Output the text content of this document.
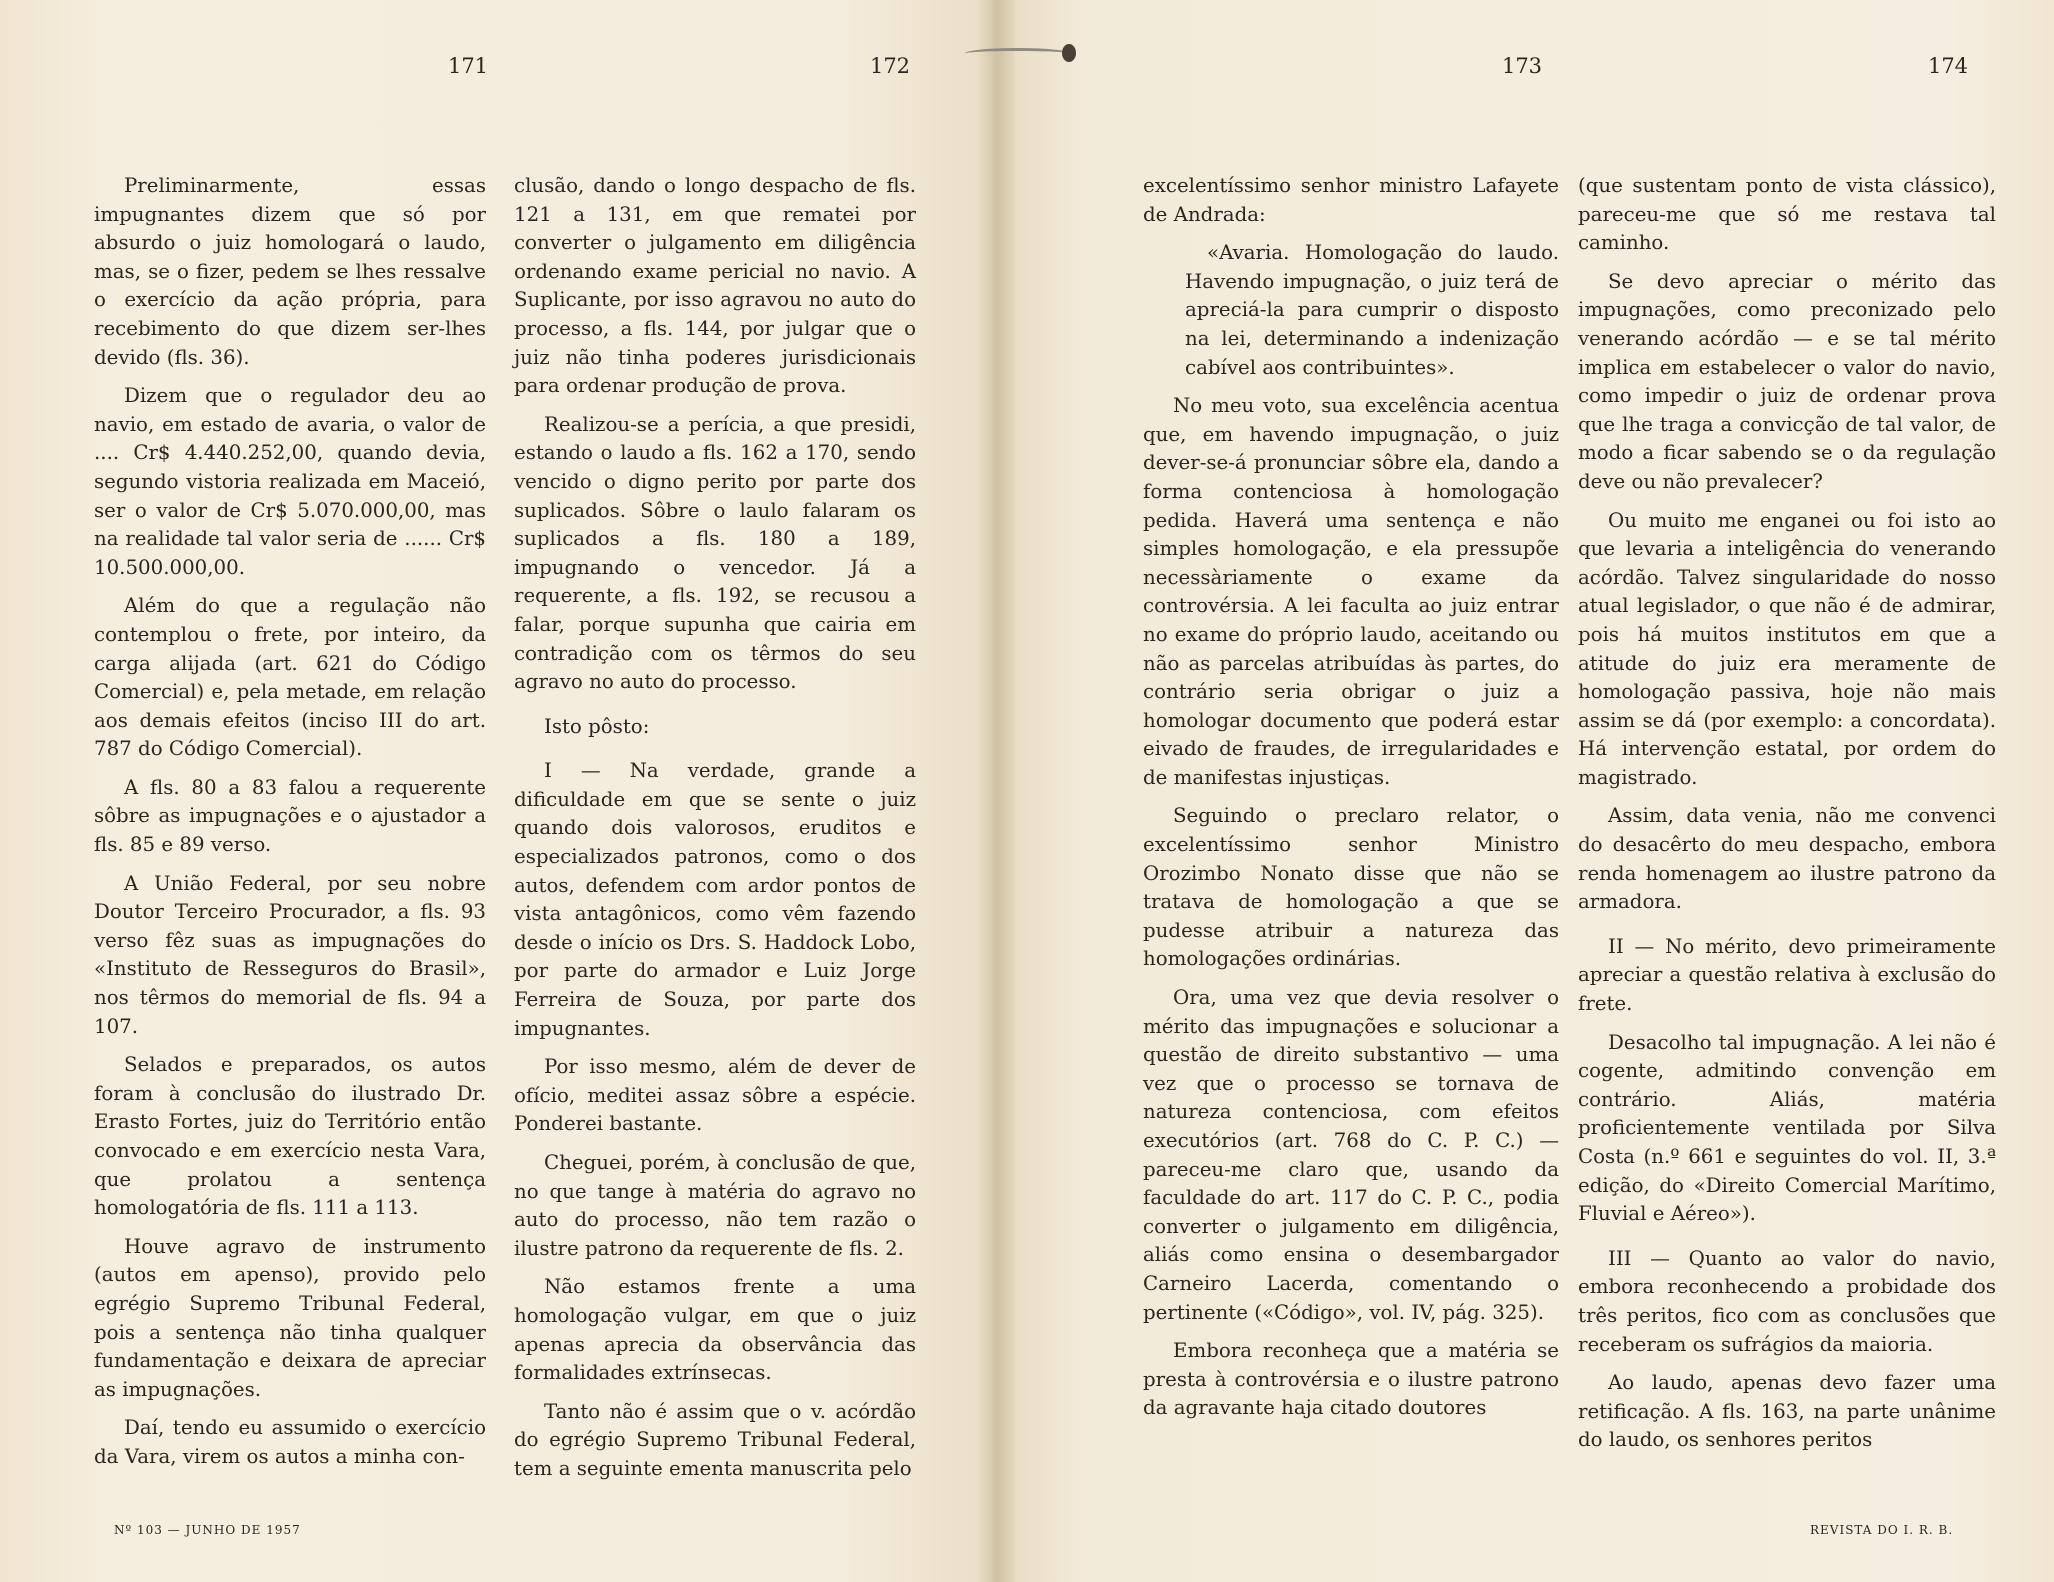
171	172	173	174

Preliminarmente, essas impugnantes dizem que só por absurdo o juiz homologará o laudo, mas, se o fizer, pedem se lhes ressalve o exercício da ação própria, para recebimento do que dizem ser-lhes devido (fls. 36).

Dizem que o regulador deu ao navio, em estado de avaria, o valor de .... Cr$ 4.440.252,00, quando devia, segundo vistoria realizada em Maceió, ser o valor de Cr$ 5.070.000,00, mas na realidade tal valor seria de ...... Cr$ 10.500.000,00.

Além do que a regulação não contemplou o frete, por inteiro, da carga alijada (art. 621 do Código Comercial) e, pela metade, em relação aos demais efeitos (inciso III do art. 787 do Código Comercial).

A fls. 80 a 83 falou a requerente sôbre as impugnações e o ajustador a fls. 85 e 89 verso.

A União Federal, por seu nobre Doutor Terceiro Procurador, a fls. 93 verso fêz suas as impugnações do «Instituto de Resseguros do Brasil», nos têrmos do memorial de fls. 94 a 107.

Selados e preparados, os autos foram à conclusão do ilustrado Dr. Erasto Fortes, juiz do Território então convocado e em exercício nesta Vara, que prolatou a sentença homologatória de fls. 111 a 113.

Houve agravo de instrumento (autos em apenso), provido pelo egrégio Supremo Tribunal Federal, pois a sentença não tinha qualquer fundamentação e deixara de apreciar as impugnações.

Daí, tendo eu assumido o exercício da Vara, virem os autos a minha con-

clusão, dando o longo despacho de fls. 121 a 131, em que rematei por converter o julgamento em diligência ordenando exame pericial no navio. A Suplicante, por isso agravou no auto do processo, a fls. 144, por julgar que o juiz não tinha poderes jurisdicionais para ordenar produção de prova.

Realizou-se a perícia, a que presidi, estando o laudo a fls. 162 a 170, sendo vencido o digno perito por parte dos suplicados. Sôbre o laulo falaram os suplicados a fls. 180 a 189, impugnando o vencedor. Já a requerente, a fls. 192, se recusou a falar, porque supunha que cairia em contradição com os têrmos do seu agravo no auto do processo.

Isto pôsto:

I — Na verdade, grande a dificuldade em que se sente o juiz quando dois valorosos, eruditos e especializados patronos, como o dos autos, defendem com ardor pontos de vista antagônicos, como vêm fazendo desde o início os Drs. S. Haddock Lobo, por parte do armador e Luiz Jorge Ferreira de Souza, por parte dos impugnantes.

Por isso mesmo, além de dever de ofício, meditei assaz sôbre a espécie. Ponderei bastante.

Cheguei, porém, à conclusão de que, no que tange à matéria do agravo no auto do processo, não tem razão o ilustre patrono da requerente de fls. 2.

Não estamos frente a uma homologação vulgar, em que o juiz apenas aprecia da observância das formalidades extrínsecas.

Tanto não é assim que o v. acórdão do egrégio Supremo Tribunal Federal, tem a seguinte ementa manuscrita pelo

excelentíssimo senhor ministro Lafayete de Andrada:

«Avaria. Homologação do laudo. Havendo impugnação, o juiz terá de apreciá-la para cumprir o disposto na lei, determinando a indenização cabível aos contribuintes».

No meu voto, sua excelência acentua que, em havendo impugnação, o juiz dever-se-á pronunciar sôbre ela, dando a forma contenciosa à homologação pedida. Haverá uma sentença e não simples homologação, e ela pressupõe necessàriamente o exame da controvérsia. A lei faculta ao juiz entrar no exame do próprio laudo, aceitando ou não as parcelas atribuídas às partes, do contrário seria obrigar o juiz a homologar documento que poderá estar eivado de fraudes, de irregularidades e de manifestas injustiças.

Seguindo o preclaro relator, o excelentíssimo senhor Ministro Orozimbo Nonato disse que não se tratava de homologação a que se pudesse atribuir a natureza das homologações ordinárias.

Ora, uma vez que devia resolver o mérito das impugnações e solucionar a questão de direito substantivo — uma vez que o processo se tornava de natureza contenciosa, com efeitos executórios (art. 768 do C. P. C.) — pareceu-me claro que, usando da faculdade do art. 117 do C. P. C., podia converter o julgamento em diligência, aliás como ensina o desembargador Carneiro Lacerda, comentando o pertinente («Código», vol. IV, pág. 325).

Embora reconheça que a matéria se presta à controvérsia e o ilustre patrono da agravante haja citado doutores

(que sustentam ponto de vista clássico), pareceu-me que só me restava tal caminho.

Se devo apreciar o mérito das impugnações, como preconizado pelo venerando acórdão — e se tal mérito implica em estabelecer o valor do navio, como impedir o juiz de ordenar prova que lhe traga a convicção de tal valor, de modo a ficar sabendo se o da regulação deve ou não prevalecer?

Ou muito me enganei ou foi isto ao que levaria a inteligência do venerando acórdão. Talvez singularidade do nosso atual legislador, o que não é de admirar, pois há muitos institutos em que a atitude do juiz era meramente de homologação passiva, hoje não mais assim se dá (por exemplo: a concordata). Há intervenção estatal, por ordem do magistrado.

Assim, data venia, não me convenci do desacêrto do meu despacho, embora renda homenagem ao ilustre patrono da armadora.

II — No mérito, devo primeiramente apreciar a questão relativa à exclusão do frete.

Desacolho tal impugnação. A lei não é cogente, admitindo convenção em contrário. Aliás, matéria proficientemente ventilada por Silva Costa (n.º 661 e seguintes do vol. II, 3.ª edição, do «Direito Comercial Marítimo, Fluvial e Aéreo»).

III — Quanto ao valor do navio, embora reconhecendo a probidade dos três peritos, fico com as conclusões que receberam os sufrágios da maioria.

Ao laudo, apenas devo fazer uma retificação. A fls. 163, na parte unânime do laudo, os senhores peritos

Nº 103 — JUNHO DE 1957	REVISTA DO I. R. B.
